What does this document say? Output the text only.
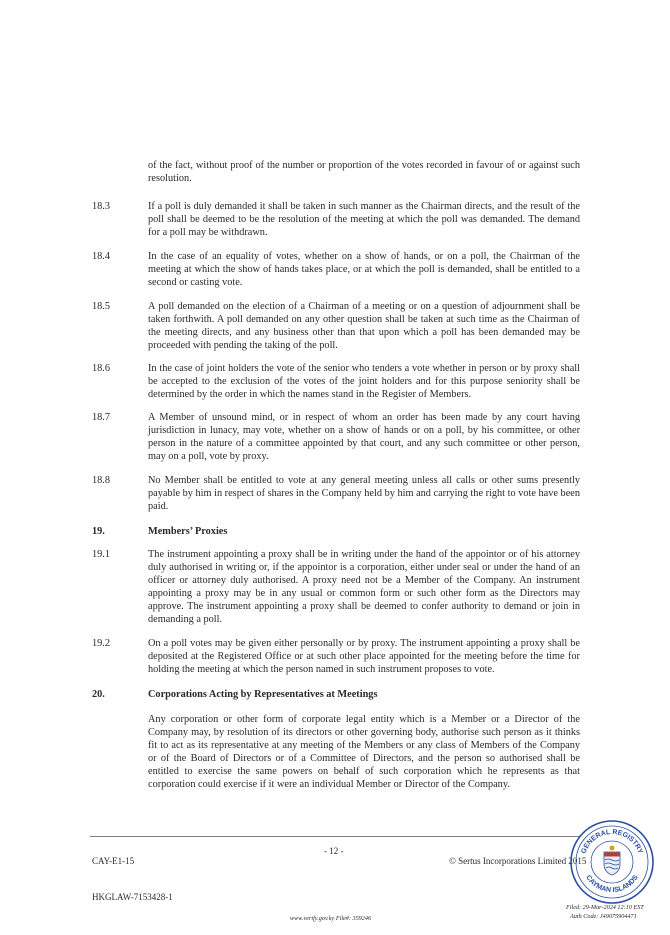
of the fact, without proof of the number or proportion of the votes recorded in favour of or against such resolution.
18.3	If a poll is duly demanded it shall be taken in such manner as the Chairman directs, and the result of the poll shall be deemed to be the resolution of the meeting at which the poll was demanded. The demand for a poll may be withdrawn.
18.4	In the case of an equality of votes, whether on a show of hands, or on a poll, the Chairman of the meeting at which the show of hands takes place, or at which the poll is demanded, shall be entitled to a second or casting vote.
18.5	A poll demanded on the election of a Chairman of a meeting or on a question of adjournment shall be taken forthwith. A poll demanded on any other question shall be taken at such time as the Chairman of the meeting directs, and any business other than that upon which a poll has been demanded may be proceeded with pending the taking of the poll.
18.6	In the case of joint holders the vote of the senior who tenders a vote whether in person or by proxy shall be accepted to the exclusion of the votes of the joint holders and for this purpose seniority shall be determined by the order in which the names stand in the Register of Members.
18.7	A Member of unsound mind, or in respect of whom an order has been made by any court having jurisdiction in lunacy, may vote, whether on a show of hands or on a poll, by his committee, or other person in the nature of a committee appointed by that court, and any such committee or other person, may on a poll, vote by proxy.
18.8	No Member shall be entitled to vote at any general meeting unless all calls or other sums presently payable by him in respect of shares in the Company held by him and carrying the right to vote have been paid.
19.	Members’ Proxies
19.1	The instrument appointing a proxy shall be in writing under the hand of the appointor or of his attorney duly authorised in writing or, if the appointor is a corporation, either under seal or under the hand of an officer or attorney duly authorised. A proxy need not be a Member of the Company. An instrument appointing a proxy may be in any usual or common form or such other form as the Directors may approve. The instrument appointing a proxy shall be deemed to confer authority to demand or join in demanding a poll.
19.2	On a poll votes may be given either personally or by proxy. The instrument appointing a proxy shall be deposited at the Registered Office or at such other place appointed for the meeting before the time for holding the meeting at which the person named in such instrument proposes to vote.
20.	Corporations Acting by Representatives at Meetings
Any corporation or other form of corporate legal entity which is a Member or a Director of the Company may, by resolution of its directors or other governing body, authorise such person as it thinks fit to act as its representative at any meeting of the Members or any class of Members of the Company or of the Board of Directors or of a Committee of Directors, and the person so authorised shall be entitled to exercise the same powers on behalf of such corporation which he represents as that corporation could exercise if it were an individual Member or Director of the Company.
- 12 -
CAY-E1-15	© Sertus Incorporations Limited 2015
HKGLAW-7153428-1
www.verify.gov.ky File#: 359246
Filed: 29-Mar-2024 12:10 EST
Auth Code: J49075904471
GENERAL REGISTRY
CAYMAN ISLANDS
